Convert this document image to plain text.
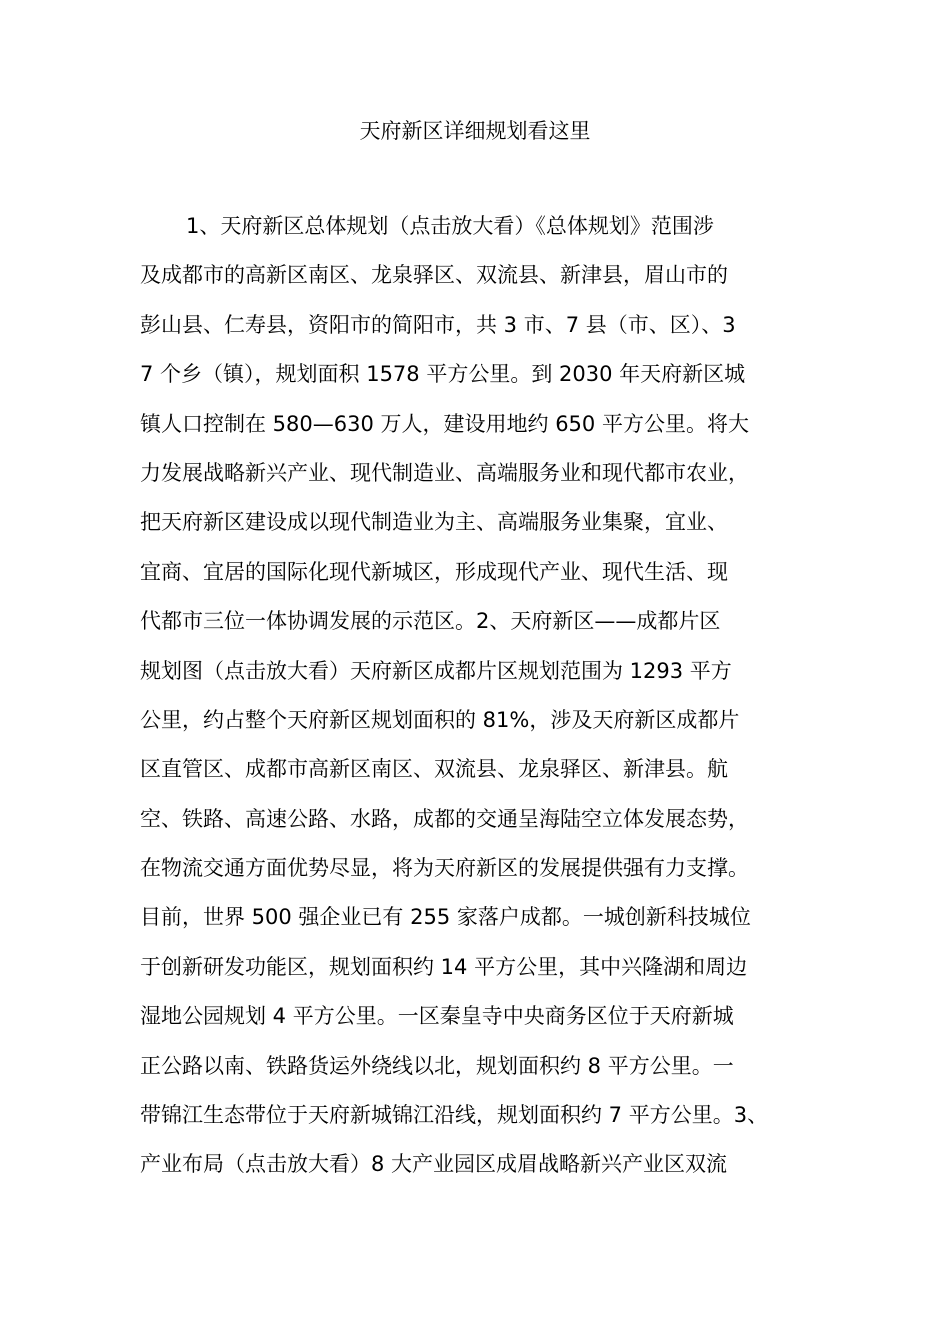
天府新区详细规划看这里
1、天府新区总体规划（点击放大看）《总体规划》范围涉
及成都市的高新区南区、龙泉驿区、双流县、新津县，眉山市的
彭山县、仁寿县，资阳市的简阳市，共 3 市、7 县（市、区）、3
7 个乡（镇），规划面积 1578 平方公里。到 2030 年天府新区城
镇人口控制在 580—630 万人，建设用地约 650 平方公里。将大
力发展战略新兴产业、现代制造业、高端服务业和现代都市农业，
把天府新区建设成以现代制造业为主、高端服务业集聚，宜业、
宜商、宜居的国际化现代新城区，形成现代产业、现代生活、现
代都市三位一体协调发展的示范区。2、天府新区——成都片区
规划图（点击放大看）天府新区成都片区规划范围为 1293 平方
公里，约占整个天府新区规划面积的 81%，涉及天府新区成都片
区直管区、成都市高新区南区、双流县、龙泉驿区、新津县。航
空、铁路、高速公路、水路，成都的交通呈海陆空立体发展态势，
在物流交通方面优势尽显，将为天府新区的发展提供强有力支撑。
目前，世界 500 强企业已有 255 家落户成都。一城创新科技城位
于创新研发功能区，规划面积约 14 平方公里，其中兴隆湖和周边
湿地公园规划 4 平方公里。一区秦皇寺中央商务区位于天府新城
正公路以南、铁路货运外绕线以北，规划面积约 8 平方公里。一
带锦江生态带位于天府新城锦江沿线，规划面积约 7 平方公里。3、
产业布局（点击放大看）8 大产业园区成眉战略新兴产业区双流
